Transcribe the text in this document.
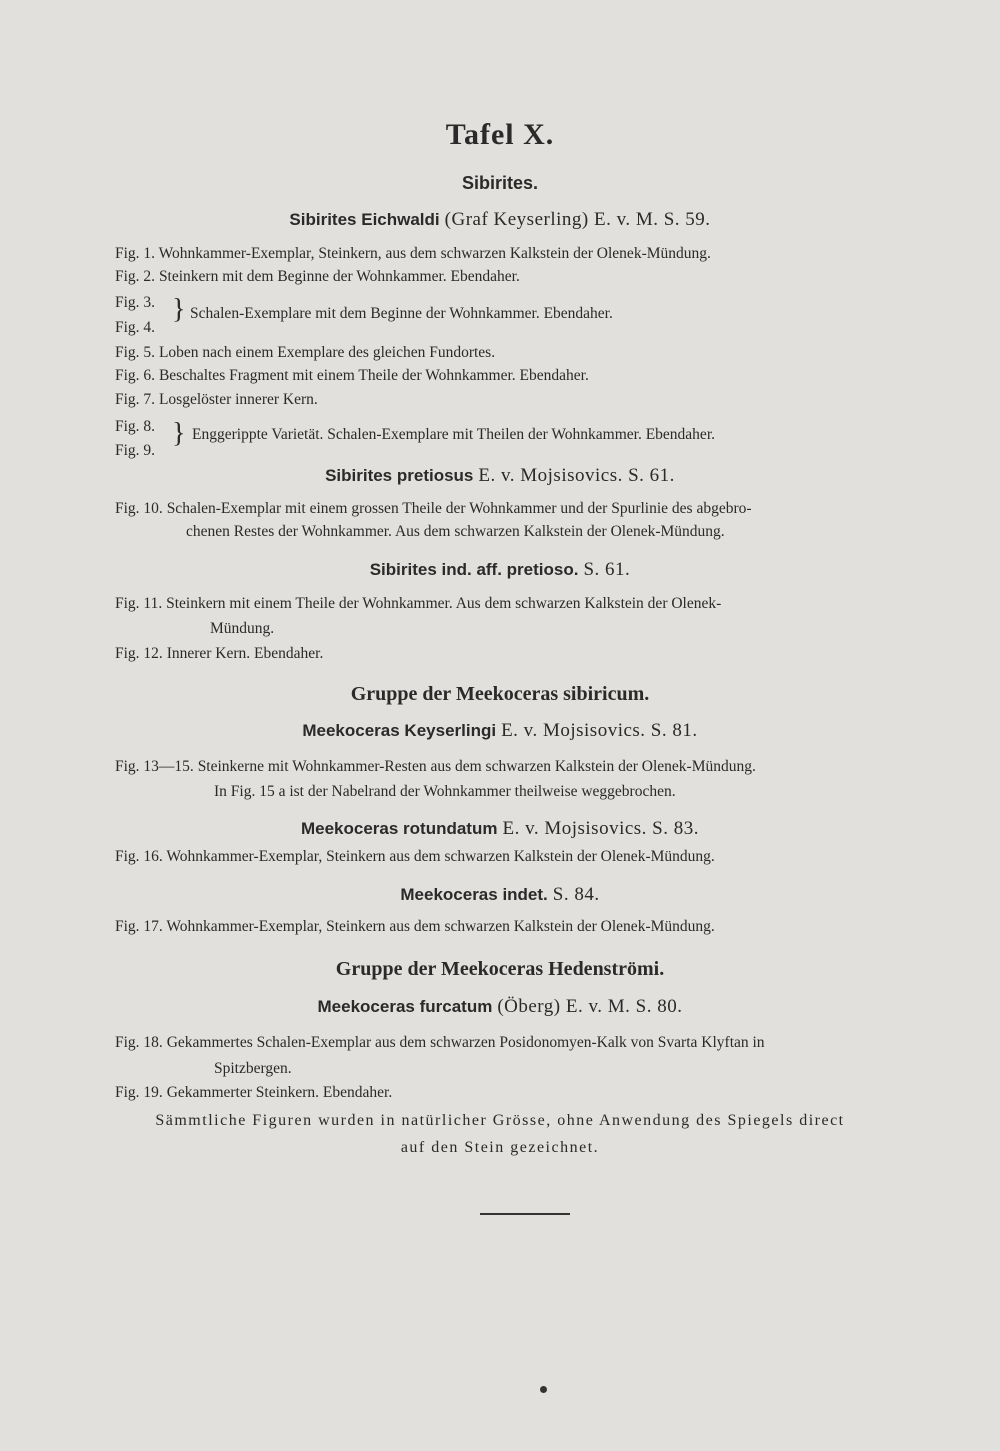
Tafel X.
Sibirites.
Sibirites Eichwaldi (Graf Keyserling) E. v. M. S. 59.
Fig. 1. Wohnkammer-Exemplar, Steinkern, aus dem schwarzen Kalkstein der Olenek-Mündung.
Fig. 2. Steinkern mit dem Beginne der Wohnkammer. Ebendaher.
Fig. 3.
Fig. 4.
} Schalen-Exemplare mit dem Beginne der Wohnkammer. Ebendaher.
Fig. 5. Loben nach einem Exemplare des gleichen Fundortes.
Fig. 6. Beschaltes Fragment mit einem Theile der Wohnkammer. Ebendaher.
Fig. 7. Losgelöster innerer Kern.
Fig. 8.
Fig. 9.
} Enggerippte Varietät. Schalen-Exemplare mit Theilen der Wohnkammer. Ebendaher.
Sibirites pretiosus E. v. Mojsisovics. S. 61.
Fig. 10. Schalen-Exemplar mit einem grossen Theile der Wohnkammer und der Spurlinie des abgebro-
chenen Restes der Wohnkammer. Aus dem schwarzen Kalkstein der Olenek-Mündung.
Sibirites ind. aff. pretioso. S. 61.
Fig. 11. Steinkern mit einem Theile der Wohnkammer. Aus dem schwarzen Kalkstein der Olenek-
Mündung.
Fig. 12. Innerer Kern. Ebendaher.
Gruppe der Meekoceras sibiricum.
Meekoceras Keyserlingi E. v. Mojsisovics. S. 81.
Fig. 13—15. Steinkerne mit Wohnkammer-Resten aus dem schwarzen Kalkstein der Olenek-Mündung.
In Fig. 15 a ist der Nabelrand der Wohnkammer theilweise weggebrochen.
Meekoceras rotundatum E. v. Mojsisovics. S. 83.
Fig. 16. Wohnkammer-Exemplar, Steinkern aus dem schwarzen Kalkstein der Olenek-Mündung.
Meekoceras indet. S. 84.
Fig. 17. Wohnkammer-Exemplar, Steinkern aus dem schwarzen Kalkstein der Olenek-Mündung.
Gruppe der Meekoceras Hedenströmi.
Meekoceras furcatum (Öberg) E. v. M. S. 80.
Fig. 18. Gekammertes Schalen-Exemplar aus dem schwarzen Posidonomyen-Kalk von Svarta Klyftan in
Spitzbergen.
Fig. 19. Gekammerter Steinkern. Ebendaher.
Sämmtliche Figuren wurden in natürlicher Grösse, ohne Anwendung des Spiegels direct
auf den Stein gezeichnet.
